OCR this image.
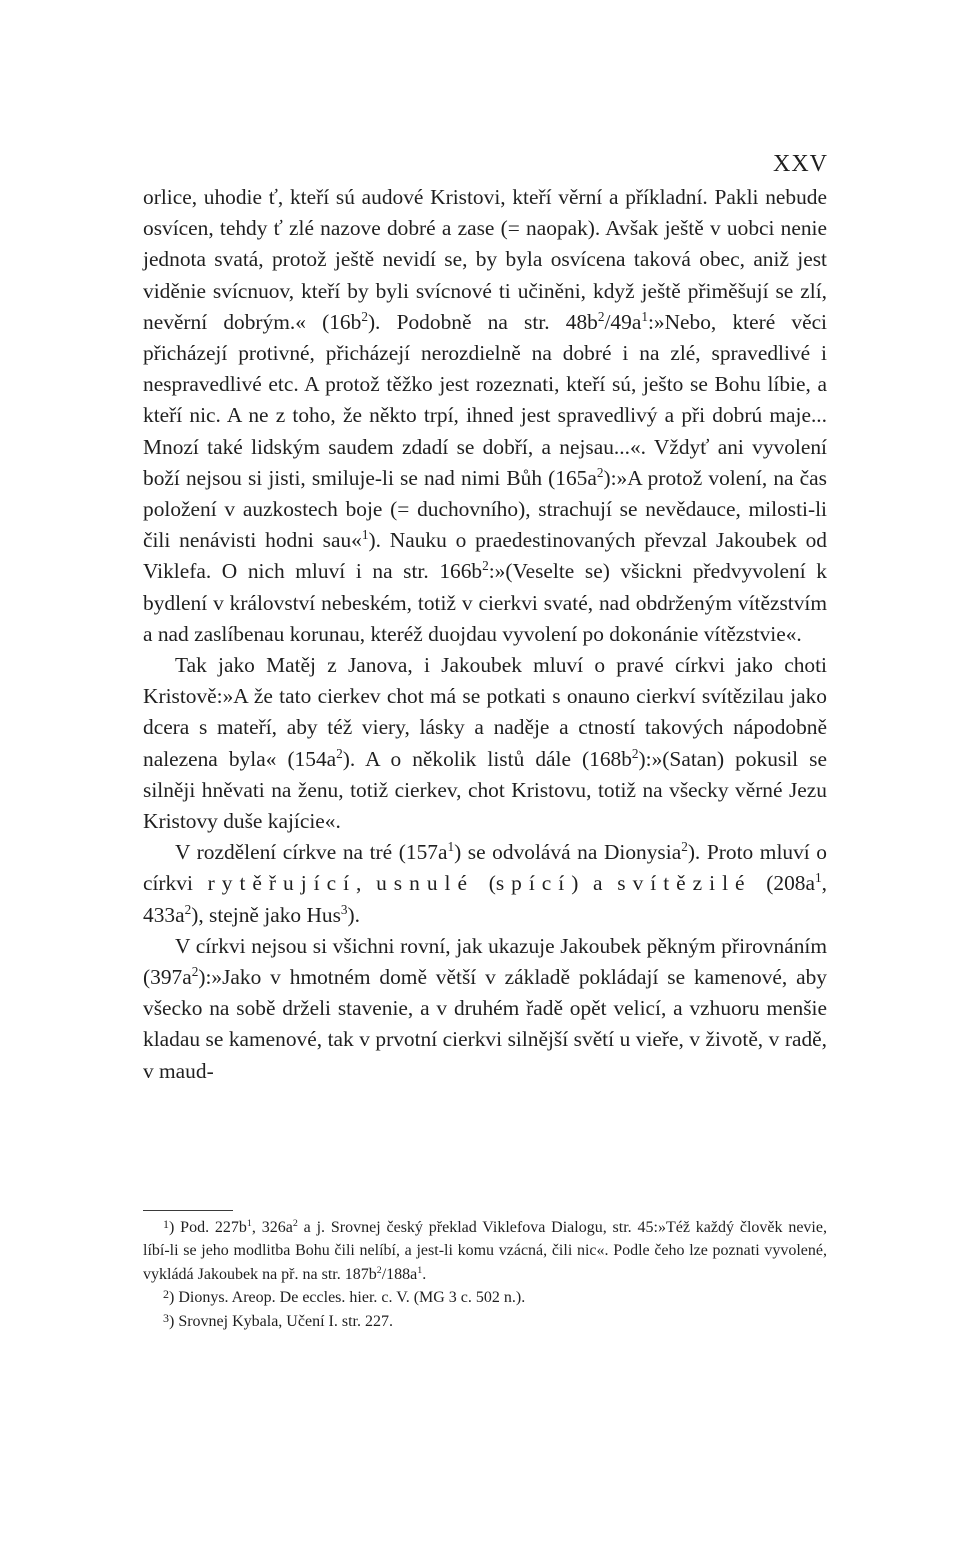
XXV

orlice, uhodie ť, kteří sú audové Kristovi, kteří věrní a příkladní. Pakli nebude osvícen, tehdy ť zlé nazove dobré a zase (= naopak). Avšak ještě v uobci nenie jednota svatá, protož ještě nevidí se, by byla osvícena taková obec, aniž jest viděnie svícnuov, kteří by byli svícnové ti učiněni, když ještě přiměšují se zlí, nevěrní dobrým.« $(16b^2)$. Podobně na str. $48b^2/49a^1:»Nebo$, které věci přicházejí protivné, přicházejí nerozdielně na dobré i na zlé, spravedlivé i nespravedlivé etc. A protož těžko jest rozeznati, kteří sú, ješto se Bohu líbie, a kteří nic. A ne z toho, že někto trpí, ihned jest spravedlivý a při dobrú maje... Mnozí také lidským saudem zdadí se dobří, a nejsau...«. Vždyť ani vyvolení boží nejsou si jisti, smiluje-li se nad nimi Bůh $(165a^2):»A$ protož volení, na čas položení v auzkostech boje (= duchovního), strachují se nevědauce, milosti-li čili nenávisti hodni sau«$^1$). Nauku o praedestinovaných převzal Jakoubek od Viklefa. O nich mluví i na str. $166b^2:»(Veselte$ se) všickni předvyvolení k bydlení v království nebeském, totiž v cierkvi svaté, nad obdrženým vítězstvím a nad zaslíbenau korunau, kteréž duojdau vyvolení po dokonánie vítězstvie«.

Tak jako Matěj z Janova, i Jakoubek mluví o pravé církvi jako choti Kristově:»A že tato cierkev chot má se potkati s onauno cierkví svítězilau jako dcera s mateří, aby též viery, lásky a naděje a ctností takových nápodobně nalezena byla« $(154a^2)$. A o několik listů dále $(168b^2):»(Satan)$ pokusil se silněji hněvati na ženu, totiž cierkev, chot Kristovu, totiž na všecky věrné Jezu Kristovy duše kajície«.

V rozdělení církve na tré $(157a^1)$ se odvolává na Dionysia$^2$). Proto mluví o církvi rytěřující, usnulé (spící) a svítězilé ($208a^1$, $433a^2$), stejně jako Hus$^3$).

V církvi nejsou si všichni rovní, jak ukazuje Jakoubek pěkným přirovnáním $(397a^2):»Jako$ v hmotném domě větší v základě pokládají se kamenové, aby všecko na sobě drželi stavenie, a v druhém řadě opět velicí, a vzhuoru menšie kladau se kamenové, tak v prvotní cierkvi silnější světí u vieře, v životě, v radě, v maud-

$^1$) Pod. $227b^1$, $326a^2$ a j. Srovnej český překlad Viklefova Dialogu, str. 45:»Též každý člověk nevie, líbí-li se jeho modlitba Bohu čili nelíbí, a jest-li komu vzácná, čili nic«. Podle čeho lze poznati vyvolené, vykládá Jakoubek na př. na str. $187b^2/188a^1$.

$^2$) Dionys. Areop. De eccles. hier. c. V. (MG 3 c. 502 n.).

$^3$) Srovnej Kybala, Učení I. str. 227.
